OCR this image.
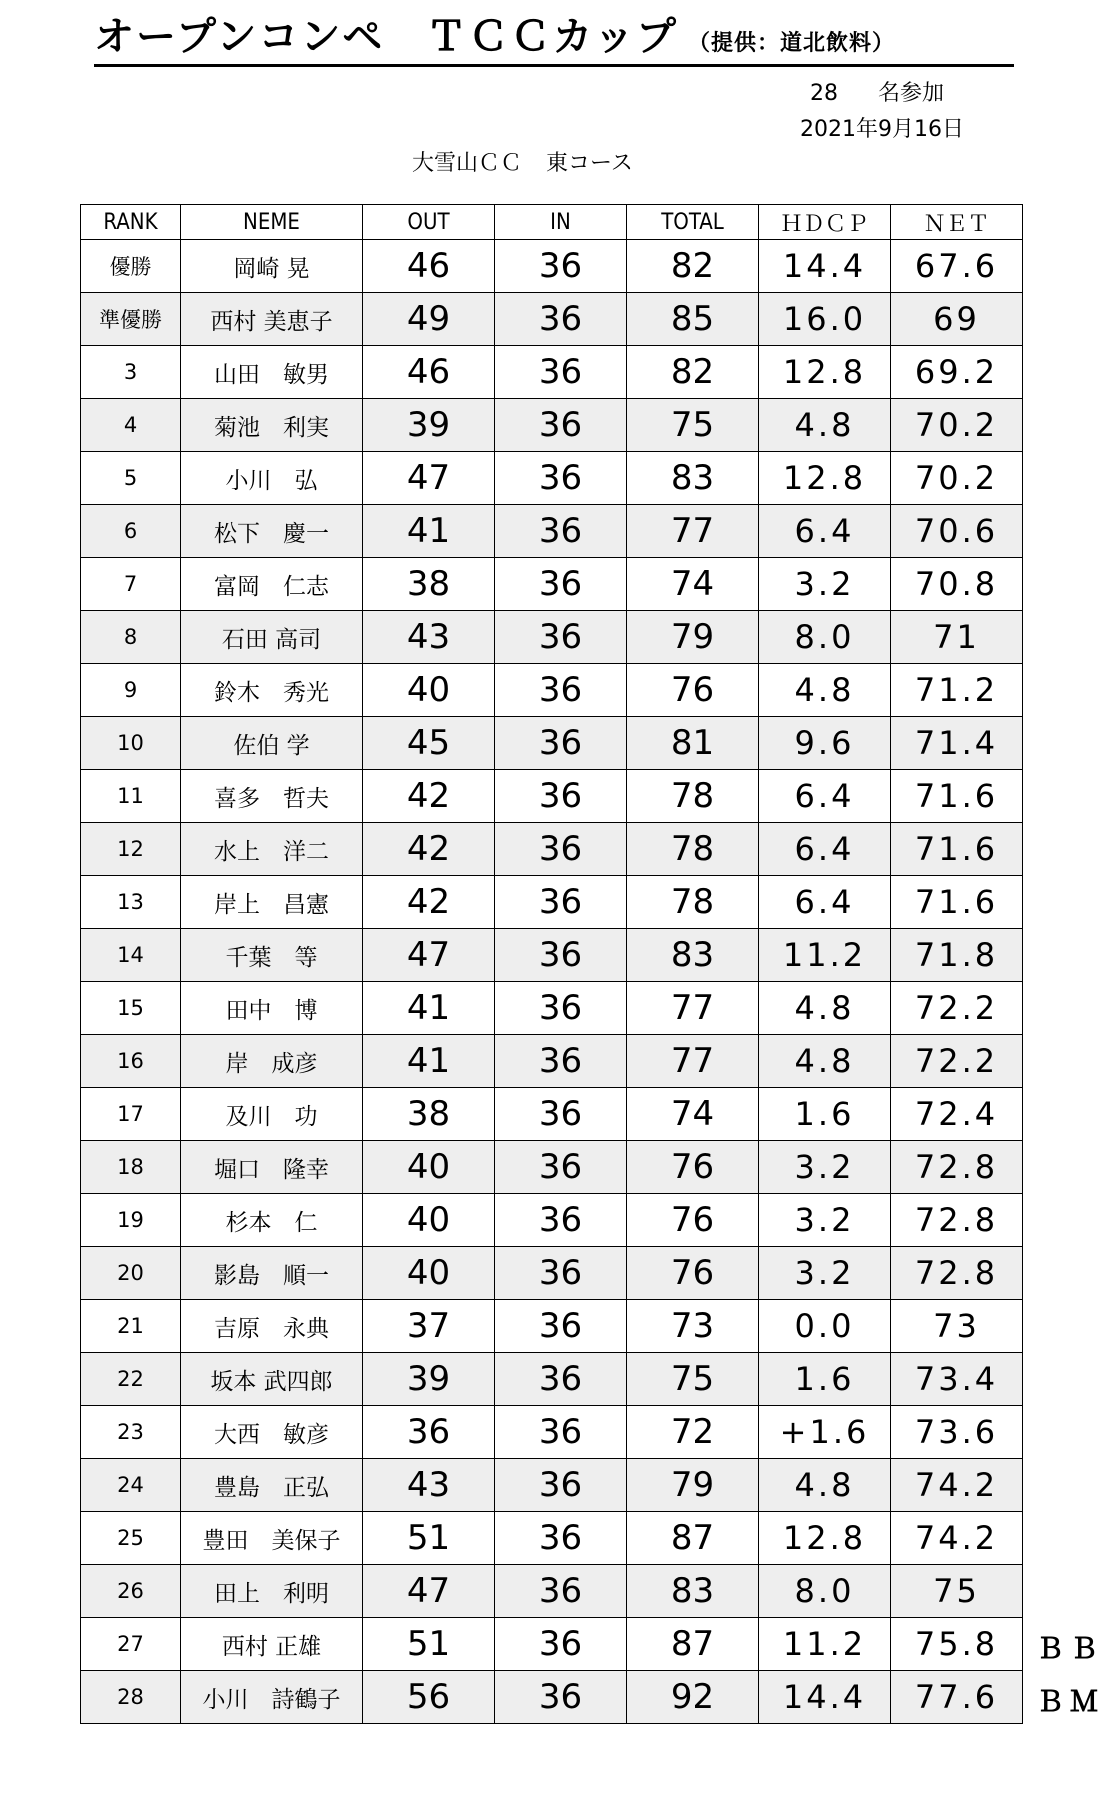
オープンコンペ　ＴＣＣカップ （提供：道北飲料）
28 名参加
2021年9月16日
大雪山ＣＣ 東コース
RANK	NEME	OUT	IN	TOTAL	ＨＤＣＰ	ＮＥＴ
優勝	岡崎 晃	46	36	82	14.4	67.6
準優勝	西村 美恵子	49	36	85	16.0	69
3	山田　敏男	46	36	82	12.8	69.2
4	菊池　利実	39	36	75	4.8	70.2
5	小川　弘	47	36	83	12.8	70.2
6	松下　慶一	41	36	77	6.4	70.6
7	富岡　仁志	38	36	74	3.2	70.8
8	石田 高司	43	36	79	8.0	71
9	鈴木　秀光	40	36	76	4.8	71.2
10	佐伯 学	45	36	81	9.6	71.4
11	喜多　哲夫	42	36	78	6.4	71.6
12	水上　洋二	42	36	78	6.4	71.6
13	岸上　昌憲	42	36	78	6.4	71.6
14	千葉　等	47	36	83	11.2	71.8
15	田中　博	41	36	77	4.8	72.2
16	岸　成彦	41	36	77	4.8	72.2
17	及川　功	38	36	74	1.6	72.4
18	堀口　隆幸	40	36	76	3.2	72.8
19	杉本　仁	40	36	76	3.2	72.8
20	影島　順一	40	36	76	3.2	72.8
21	吉原　永典	37	36	73	0.0	73
22	坂本 武四郎	39	36	75	1.6	73.4
23	大西　敏彦	36	36	72	+1.6	73.6
24	豊島　正弘	43	36	79	4.8	74.2
25	豊田　美保子	51	36	87	12.8	74.2
26	田上　利明	47	36	83	8.0	75
27	西村 正雄	51	36	87	11.2	75.8
28	小川　詩鶴子	56	36	92	14.4	77.6
ＢＢ
ＢＭ
